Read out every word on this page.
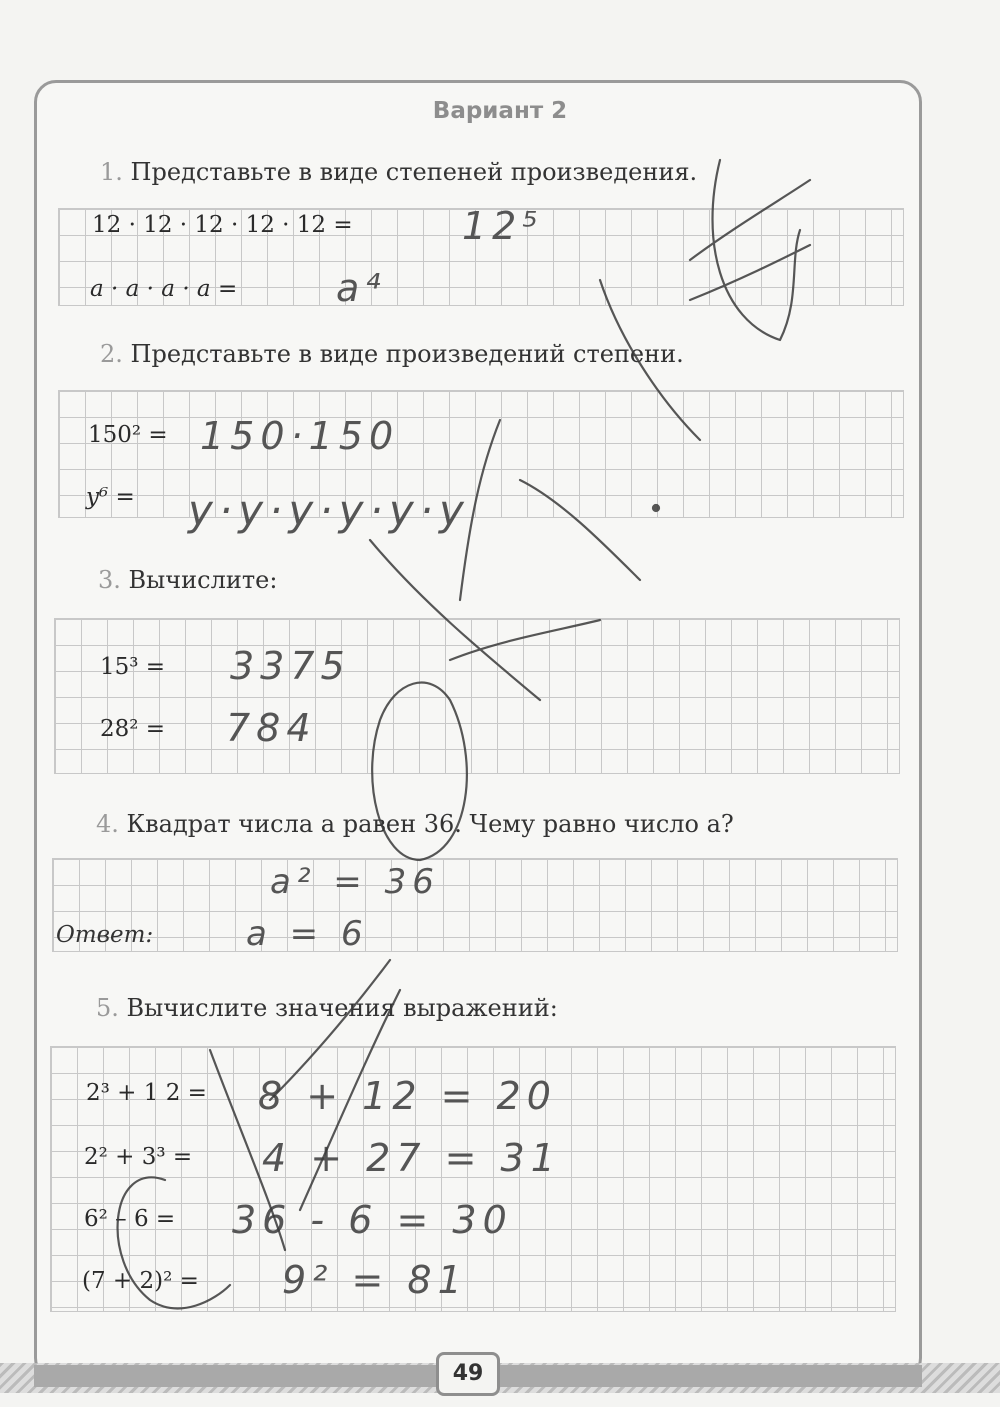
Вариант 2
1. Представьте в виде степеней произведения.
12 · 12 · 12 · 12 · 12 =	12⁵
a · a · a · a =	a⁴
2. Представьте в виде произведений степени.
150² = 150·150
y⁶ = y·y·y·y·y·y
3. Вычислите:
15³ = 3375
28² = 784
4. Квадрат числа a равен 36. Чему равно число a?
a² = 36
Ответ:	a = 6
5. Вычислите значения выражений:
2³ + 1 2 = 8 + 12 = 20
2² + 3³ = 4 + 27 = 31
6² – 6 = 36 - 6 = 30
(7 + 2)² = 9² = 81
49
